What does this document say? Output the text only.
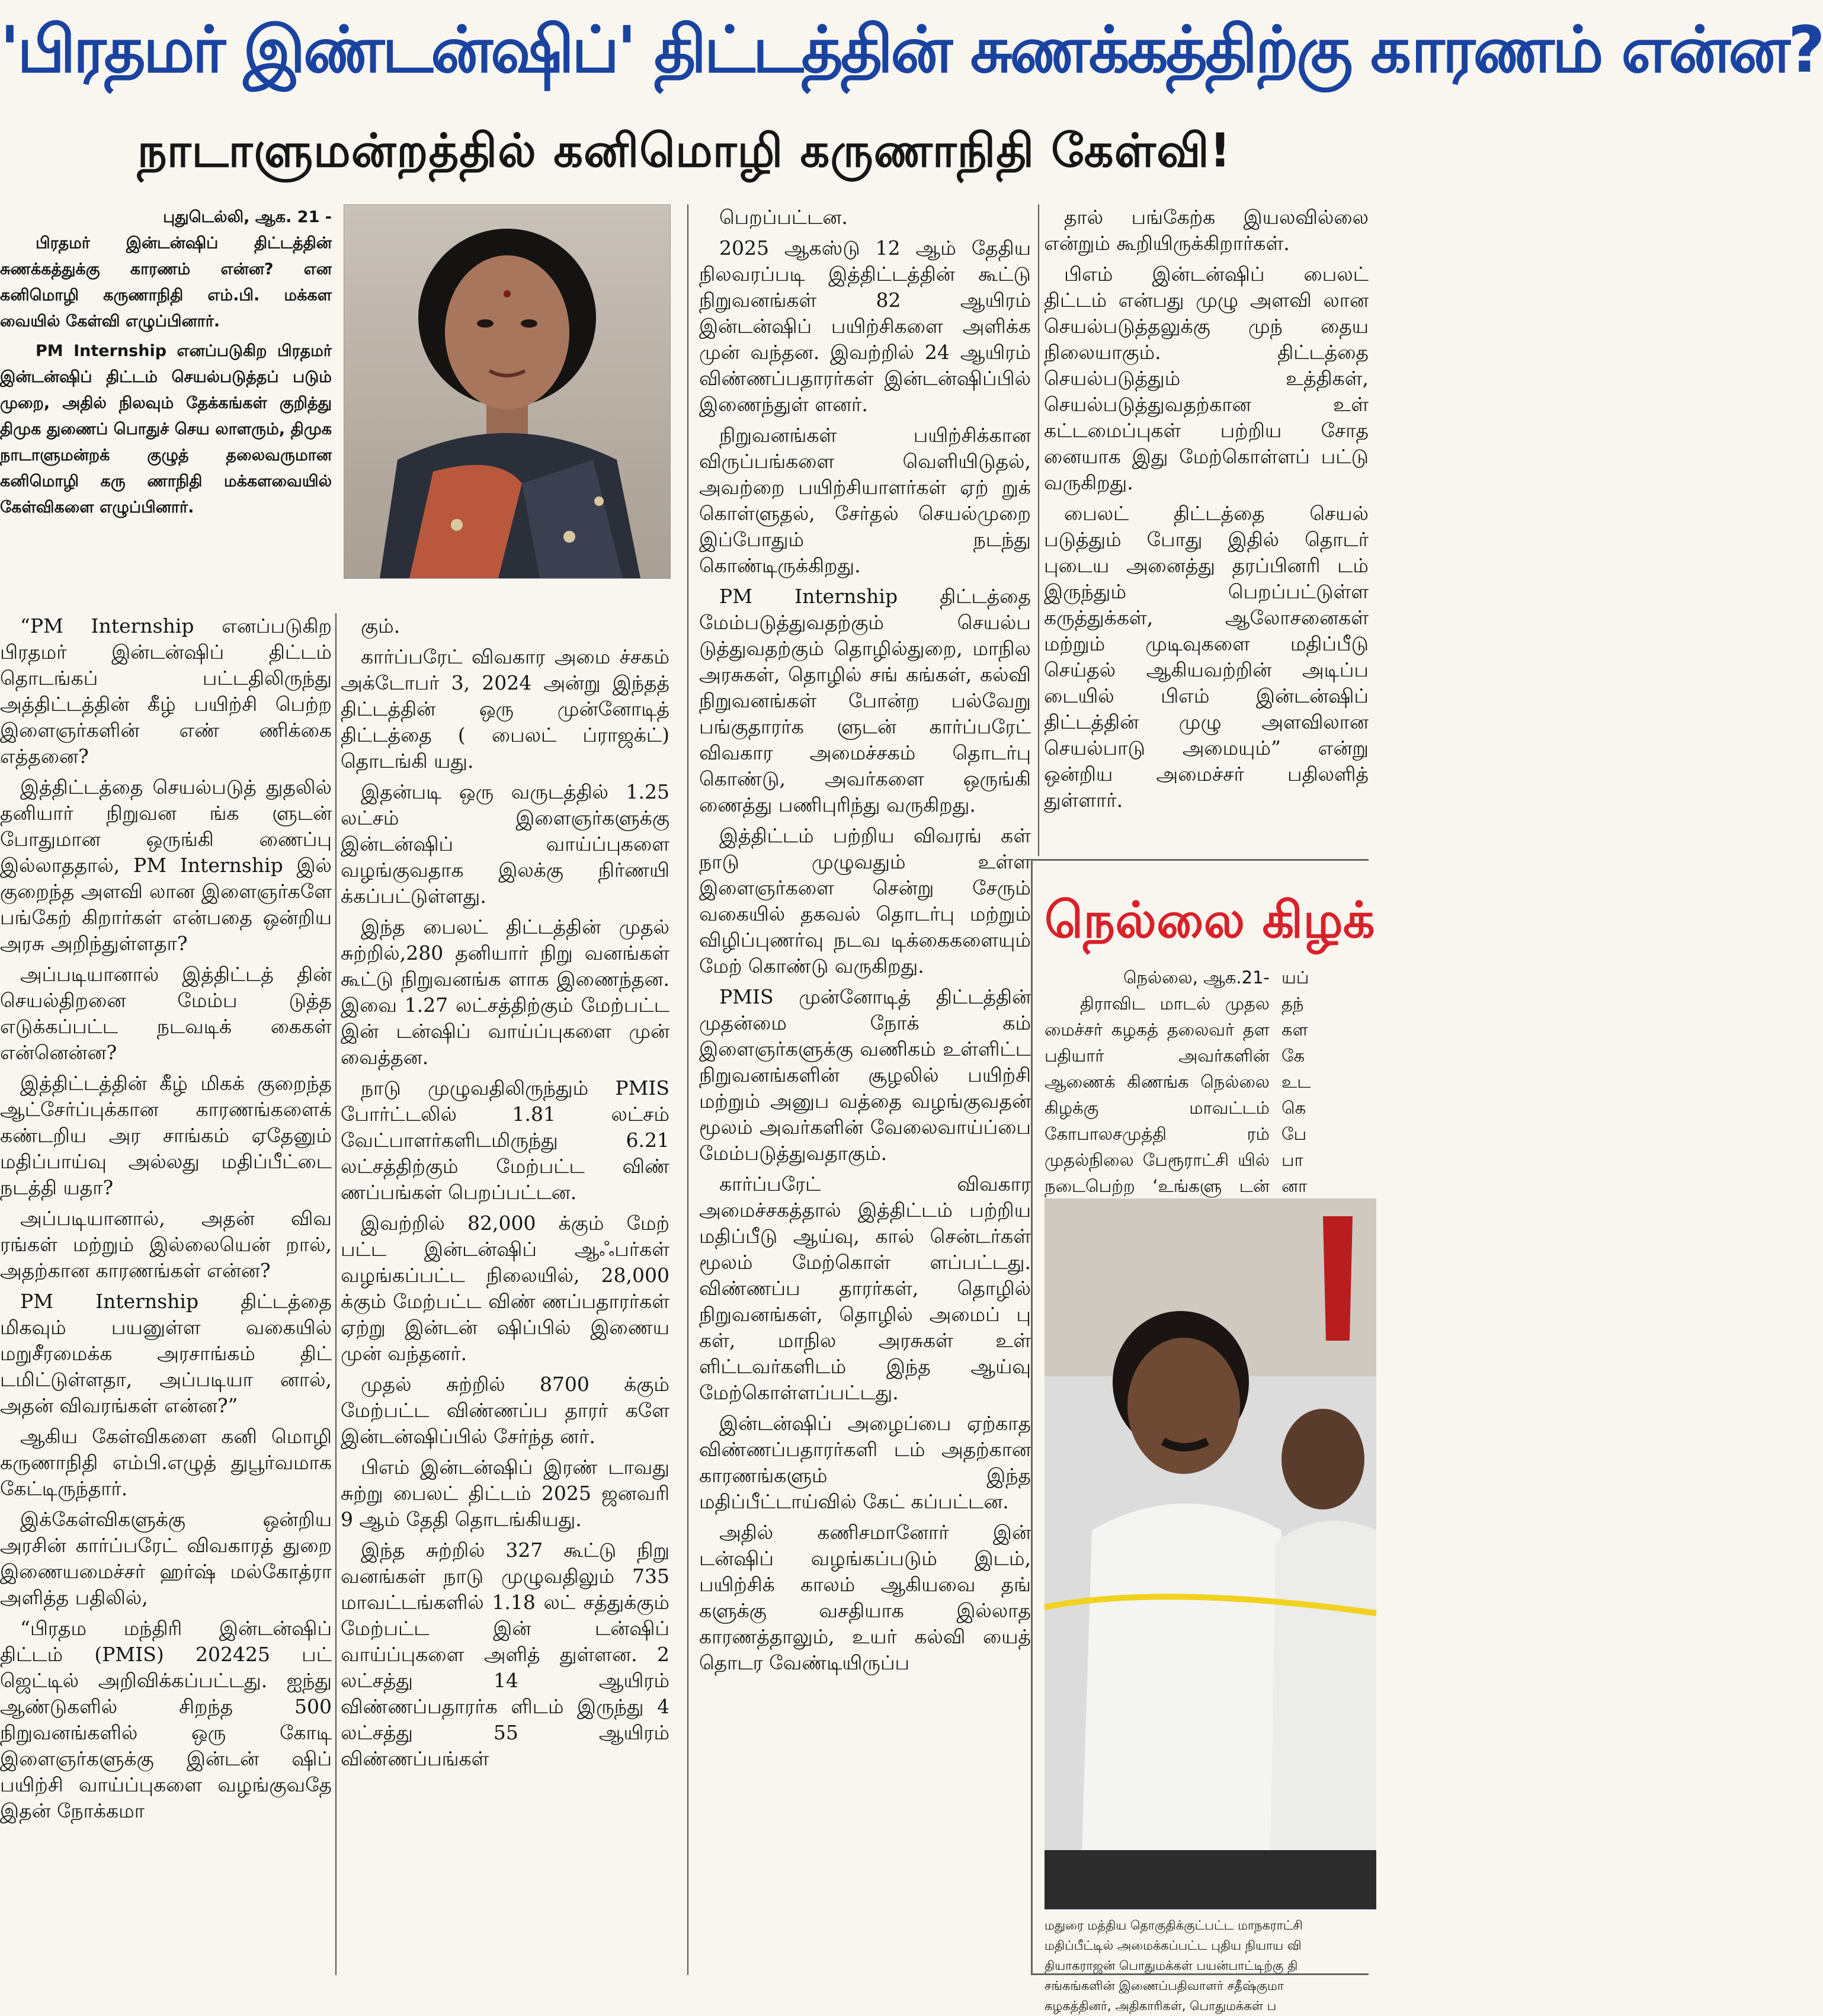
'பிரதமர் இண்டன்ஷிப்' திட்டத்தின் சுணக்கத்திற்கு காரணம் என்ன?
நாடாளுமன்றத்தில் கனிமொழி கருணாநிதி கேள்வி!
புதுடெல்லி, ஆக. 21 -

பிரதமர் இன்டன்ஷிப் திட்டத்தின் சுணக்கத்துக்கு காரணம் என்ன? என கனிமொழி கருணாநிதி எம்.பி. மக்கள வையில் கேள்வி எழுப்பினார்.

PM Internship எனப்படுகிற பிரதமர் இன்டன்ஷிப் திட்டம் செயல்படுத்தப் படும் முறை, அதில் நிலவும் தேக்கங்கள் குறித்து திமுக துணைப் பொதுச் செய லாளரும், திமுக நாடாளுமன்றக் குழுத் தலைவருமான கனிமொழி கரு ணாநிதி மக்களவையில் கேள்விகளை எழுப்பினார்.

“PM Internship எனப்படுகிற பிரதமர் இன்டன்ஷிப் திட்டம் தொடங்கப் பட்டதிலிருந்து அத்திட்டத்தின் கீழ் பயிற்சி பெற்ற இளைஞர்களின் எண் ணிக்கை எத்தனை?

இத்திட்டத்தை செயல்படுத் துதலில் தனியார் நிறுவன ங்க ளுடன் போதுமான ஒருங்கி ணைப்பு இல்லாததால், PM Internship இல் குறைந்த அளவி லான இளைஞர்களே பங்கேற் கிறார்கள் என்பதை ஒன்றிய அரசு அறிந்துள்ளதா?

அப்படியானால் இத்திட்டத் தின் செயல்திறனை மேம்ப டுத்த எடுக்கப்பட்ட நடவடிக் கைகள் என்னென்ன?

இத்திட்டத்தின் கீழ் மிகக் குறைந்த ஆட்சேர்ப்புக்கான காரணங்களைக் கண்டறிய அர சாங்கம் ஏதேனும் மதிப்பாய்வு அல்லது மதிப்பீட்டை நடத்தி யதா?

அப்படியானால், அதன் விவ ரங்கள் மற்றும் இல்லையென் றால், அதற்கான காரணங்கள் என்ன?

PM Internship திட்டத்தை மிகவும் பயனுள்ள வகையில் மறுசீரமைக்க அரசாங்கம் திட் டமிட்டுள்ளதா, அப்படியா னால், அதன் விவரங்கள் என்ன?”

ஆகிய கேள்விகளை கனி மொழி கருணாநிதி எம்பி.எழுத் துபூர்வமாக கேட்டிருந்தார்.

இக்கேள்விகளுக்கு ஒன்றிய அரசின் கார்ப்பரேட் விவகாரத் துறை இணையமைச்சர் ஹர்ஷ் மல்கோத்ரா அளித்த பதிலில்,

“பிரதம மந்திரி இன்டன்ஷிப் திட்டம் (PMIS) 202425 பட் ஜெட்டில் அறிவிக்கப்பட்டது. ஐந்து ஆண்டுகளில் சிறந்த 500 நிறுவனங்களில் ஒரு கோடி இளைஞர்களுக்கு இன்டன் ஷிப் பயிற்சி வாய்ப்புகளை வழங்குவதே இதன் நோக்கமா

கும்.

கார்ப்பரேட் விவகார அமை ச்சகம் அக்டோபர் 3, 2024 அன்று இந்தத் திட்டத்தின் ஒரு முன்னோடித் திட்டத்தை ( பைலட் ப்ராஜக்ட்) தொடங்கி யது.

இதன்படி ஒரு வருடத்தில் 1.25 லட்சம் இளைஞர்களுக்கு இன்டன்ஷிப் வாய்ப்புகளை வழங்குவதாக இலக்கு நிர்ணயி க்கப்பட்டுள்ளது.

இந்த பைலட் திட்டத்தின் முதல் சுற்றில்,280 தனியார் நிறு வனங்கள் கூட்டு நிறுவனங்க ளாக இணைந்தன. இவை 1.27 லட்சத்திற்கும் மேற்பட்ட இன் டன்ஷிப் வாய்ப்புகளை முன் வைத்தன.

நாடு முழுவதிலிருந்தும் PMIS போர்ட்டலில் 1.81 லட்சம் வேட்பாளர்களிடமிருந்து 6.21 லட்சத்திற்கும் மேற்பட்ட விண் ணப்பங்கள் பெறப்பட்டன.

இவற்றில் 82,000 க்கும் மேற் பட்ட இன்டன்ஷிப் ஆஃபர்கள் வழங்கப்பட்ட நிலையில், 28,000 க்கும் மேற்பட்ட விண் ணப்பதாரர்கள் ஏற்று இன்டன் ஷிப்பில் இணைய முன் வந்தனர்.

முதல் சுற்றில் 8700 க்கும் மேற்பட்ட விண்ணப்ப தாரர் களே இன்டன்ஷிப்பில் சேர்ந்த னர்.

பிஎம் இன்டன்ஷிப் இரண் டாவது சுற்று பைலட் திட்டம் 2025 ஜனவரி 9 ஆம் தேதி தொடங்கியது.

இந்த சுற்றில் 327 கூட்டு நிறு வனங்கள் நாடு முழுவதிலும் 735 மாவட்டங்களில் 1.18 லட் சத்துக்கும் மேற்பட்ட இன் டன்ஷிப் வாய்ப்புகளை அளித் துள்ளன. 2 லட்சத்து 14 ஆயிரம் விண்ணப்பதாரர்க ளிடம் இருந்து 4 லட்சத்து 55 ஆயிரம் விண்ணப்பங்கள்

பெறப்பட்டன.

2025 ஆகஸ்டு 12 ஆம் தேதிய நிலவரப்படி இத்திட்டத்தின் கூட்டு நிறுவனங்கள் 82 ஆயிரம் இன்டன்ஷிப் பயிற்சிகளை அளிக்க முன் வந்தன. இவற்றில் 24 ஆயிரம் விண்ணப்பதாரர்கள் இன்டன்ஷிப்பில் இணைந்துள் ளனர்.

நிறுவனங்கள் பயிற்சிக்கான விருப்பங்களை வெளியிடுதல், அவற்றை பயிற்சியாளர்கள் ஏற் றுக் கொள்ளுதல், சேர்தல் செயல்முறை இப்போதும் நடந்து கொண்டிருக்கிறது.

PM Internship திட்டத்தை மேம்படுத்துவதற்கும் செயல்ப டுத்துவதற்கும் தொழில்துறை, மாநில அரசுகள், தொழில் சங் கங்கள், கல்வி நிறுவனங்கள் போன்ற பல்வேறு பங்குதாரர்க ளுடன் கார்ப்பரேட் விவகார அமைச்சகம் தொடர்பு கொண்டு, அவர்களை ஒருங்கி ணைத்து பணிபுரிந்து வருகிறது.

இத்திட்டம் பற்றிய விவரங் கள் நாடு முழுவதும் உள்ள இளைஞர்களை சென்று சேரும் வகையில் தகவல் தொடர்பு மற்றும் விழிப்புணர்வு நடவ டிக்கைகளையும் மேற் கொண்டு வருகிறது.

PMIS முன்னோடித் திட்டத்தின் முதன்மை நோக் கம் இளைஞர்களுக்கு வணிகம் உள்ளிட்ட நிறுவனங்களின் சூழலில் பயிற்சி மற்றும் அனுப வத்தை வழங்குவதன் மூலம் அவர்களின் வேலைவாய்ப்பை மேம்படுத்துவதாகும்.

கார்ப்பரேட் விவகார அமைச்சகத்தால் இத்திட்டம் பற்றிய மதிப்பீடு ஆய்வு, கால் சென்டர்கள் மூலம் மேற்கொள் ளப்பட்டது. விண்ணப்ப தாரர்கள், தொழில் நிறுவனங்கள், தொழில் அமைப் பு கள், மாநில அரசுகள் உள் ளிட்டவர்களிடம் இந்த ஆய்வு மேற்கொள்ளப்பட்டது.

இன்டன்ஷிப் அழைப்பை ஏற்காத விண்ணப்பதாரர்களி டம் அதற்கான காரணங்களும் இந்த மதிப்பீட்டாய்வில் கேட் கப்பட்டன.

அதில் கணிசமானோர் இன் டன்ஷிப் வழங்கப்படும் இடம், பயிற்சிக் காலம் ஆகியவை தங் களுக்கு வசதியாக இல்லாத காரணத்தாலும், உயர் கல்வி யைத் தொடர வேண்டியிருப்ப

தால் பங்கேற்க இயலவில்லை என்றும் கூறியிருக்கிறார்கள்.

பிஎம் இன்டன்ஷிப் பைலட் திட்டம் என்பது முழு அளவி லான செயல்படுத்தலுக்கு முந் தைய நிலையாகும். திட்டத்தை செயல்படுத்தும் உத்திகள், செயல்படுத்துவதற்கான உள் கட்டமைப்புகள் பற்றிய சோத னையாக இது மேற்கொள்ளப் பட்டு வருகிறது.

பைலட் திட்டத்தை செயல் படுத்தும் போது இதில் தொடர் புடைய அனைத்து தரப்பினரி டம் இருந்தும் பெறப்பட்டுள்ள கருத்துக்கள், ஆலோசனைகள் மற்றும் முடிவுகளை மதிப்பீடு செய்தல் ஆகியவற்றின் அடிப்ப டையில் பிஎம் இன்டன்ஷிப் திட்டத்தின் முழு அளவிலான செயல்பாடு அமையும்” என்று ஒன்றிய அமைச்சர் பதிலளித் துள்ளார்.

நெல்லை கிழக்
நெல்லை, ஆக.21-

திராவிட மாடல் முதல மைச்சர் கழகத் தலைவர் தள பதியார் அவர்களின் ஆணைக் கிணங்க நெல்லை கிழக்கு மாவட்டம் கோபாலசமுத்தி ரம் முதல்நிலை பேரூராட்சி யில் நடைபெற்ற ‘உங்களு டன்

யப்
தந்
கள
கே
உட
கெ
பே
பா
னா
மதுரை மத்திய தொகுதிக்குட்பட்ட மாநகராட்சி
மதிப்பீட்டில் அமைக்கப்பட்ட புதிய நியாய வி
தியாகராஜன் பொதுமக்கள் பயன்பாட்டிற்கு தி
சங்கங்களின் இணைப்பதிவாளர் சதீஷ்குமா
கழகத்தினர், அதிகாரிகள், பொதுமக்கள் ப
